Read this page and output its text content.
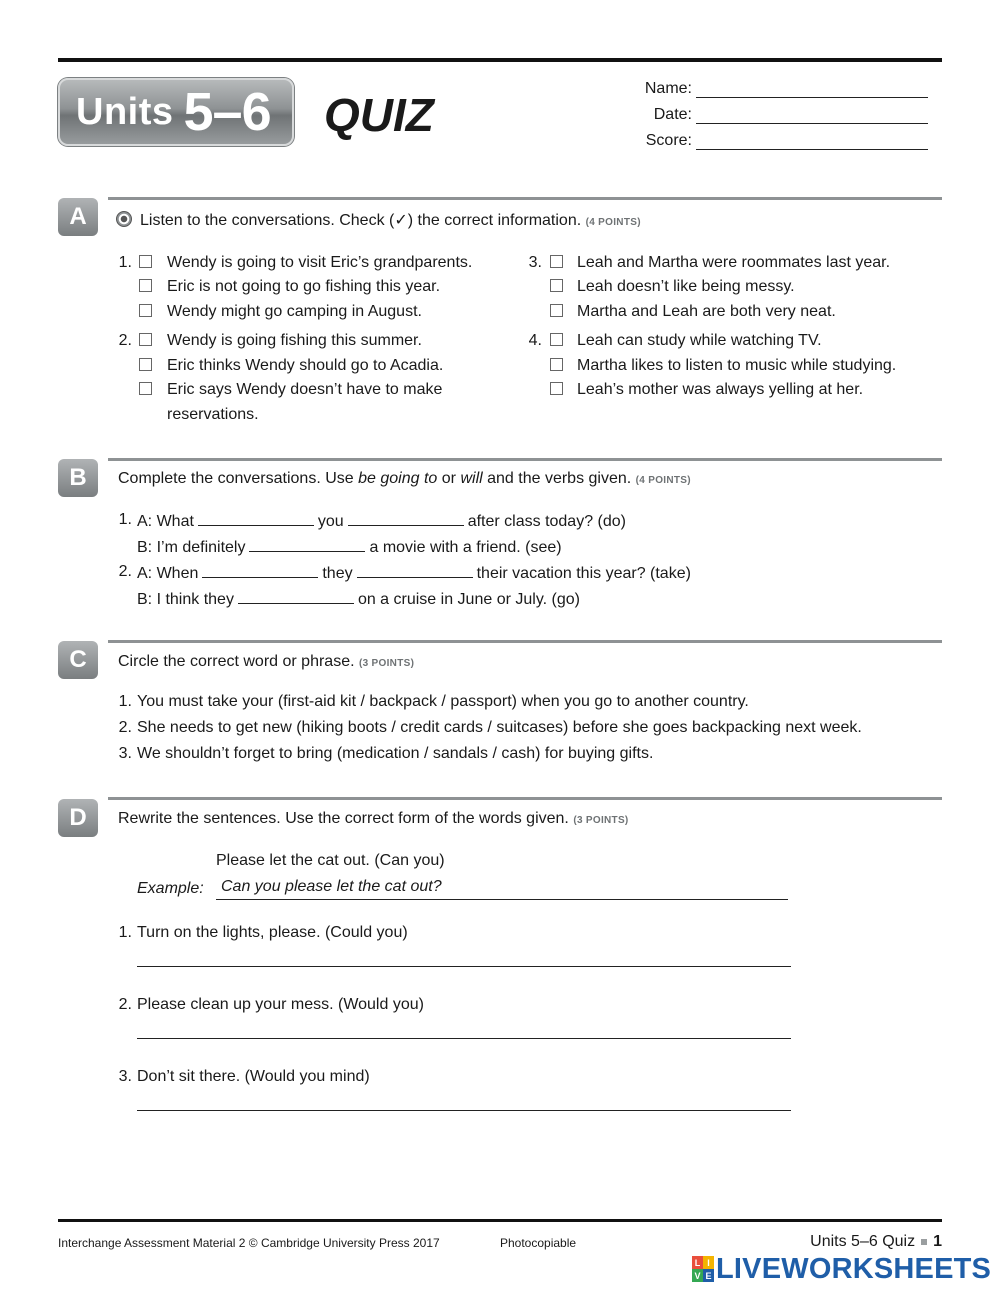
Units 5–6 QUIZ
Name:
Date:
Score:
A	Listen to the conversations. Check (✓) the correct information. (4 POINTS)
1. Wendy is going to visit Eric’s grandparents.
Eric is not going to go fishing this year.
Wendy might go camping in August.
2. Wendy is going fishing this summer.
Eric thinks Wendy should go to Acadia.
Eric says Wendy doesn’t have to make
reservations.
3. Leah and Martha were roommates last year.
Leah doesn’t like being messy.
Martha and Leah are both very neat.
4. Leah can study while watching TV.
Martha likes to listen to music while studying.
Leah’s mother was always yelling at her.
B	Complete the conversations. Use be going to or will and the verbs given. (4 POINTS)
1. A: What	you	after class today? (do)
B: I’m definitely	a movie with a friend. (see)
2. A: When	they	their vacation this year? (take)
B: I think they	on a cruise in June or July. (go)
C	Circle the correct word or phrase. (3 POINTS)
1. You must take your (first-aid kit / backpack / passport) when you go to another country.
2. She needs to get new (hiking boots / credit cards / suitcases) before she goes backpacking next week.
3. We shouldn’t forget to bring (medication / sandals / cash) for buying gifts.
D	Rewrite the sentences. Use the correct form of the words given. (3 POINTS)
Please let the cat out. (Can you)
Example:	Can you please let the cat out?
1. Turn on the lights, please. (Could you)
2. Please clean up your mess. (Would you)
3. Don’t sit there. (Would you mind)
Interchange Assessment Material 2 © Cambridge University Press 2017	Photocopiable	Units 5–6 Quiz 1
L I
V E LIVEWORKSHEETS
